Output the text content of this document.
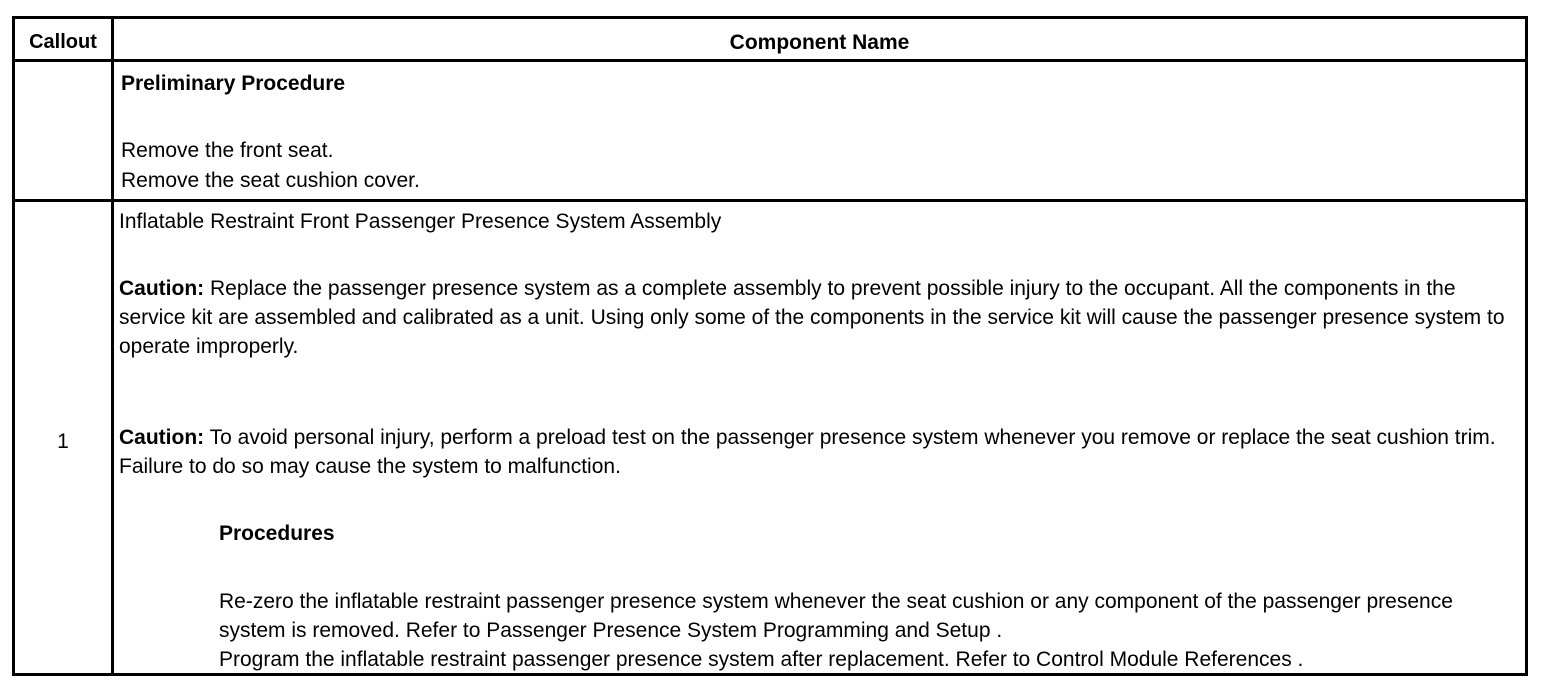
Callout	Component Name
Preliminary Procedure
Remove the front seat.
Remove the seat cushion cover.
1
Inflatable Restraint Front Passenger Presence System Assembly
Caution: Replace the passenger presence system as a complete assembly to prevent possible injury to the occupant. All the components in the service kit are assembled and calibrated as a unit. Using only some of the components in the service kit will cause the passenger presence system to operate improperly.
Caution: To avoid personal injury, perform a preload test on the passenger presence system whenever you remove or replace the seat cushion trim. Failure to do so may cause the system to malfunction.
Procedures
Re-zero the inflatable restraint passenger presence system whenever the seat cushion or any component of the passenger presence system is removed. Refer to Passenger Presence System Programming and Setup .
Program the inflatable restraint passenger presence system after replacement. Refer to Control Module References .
